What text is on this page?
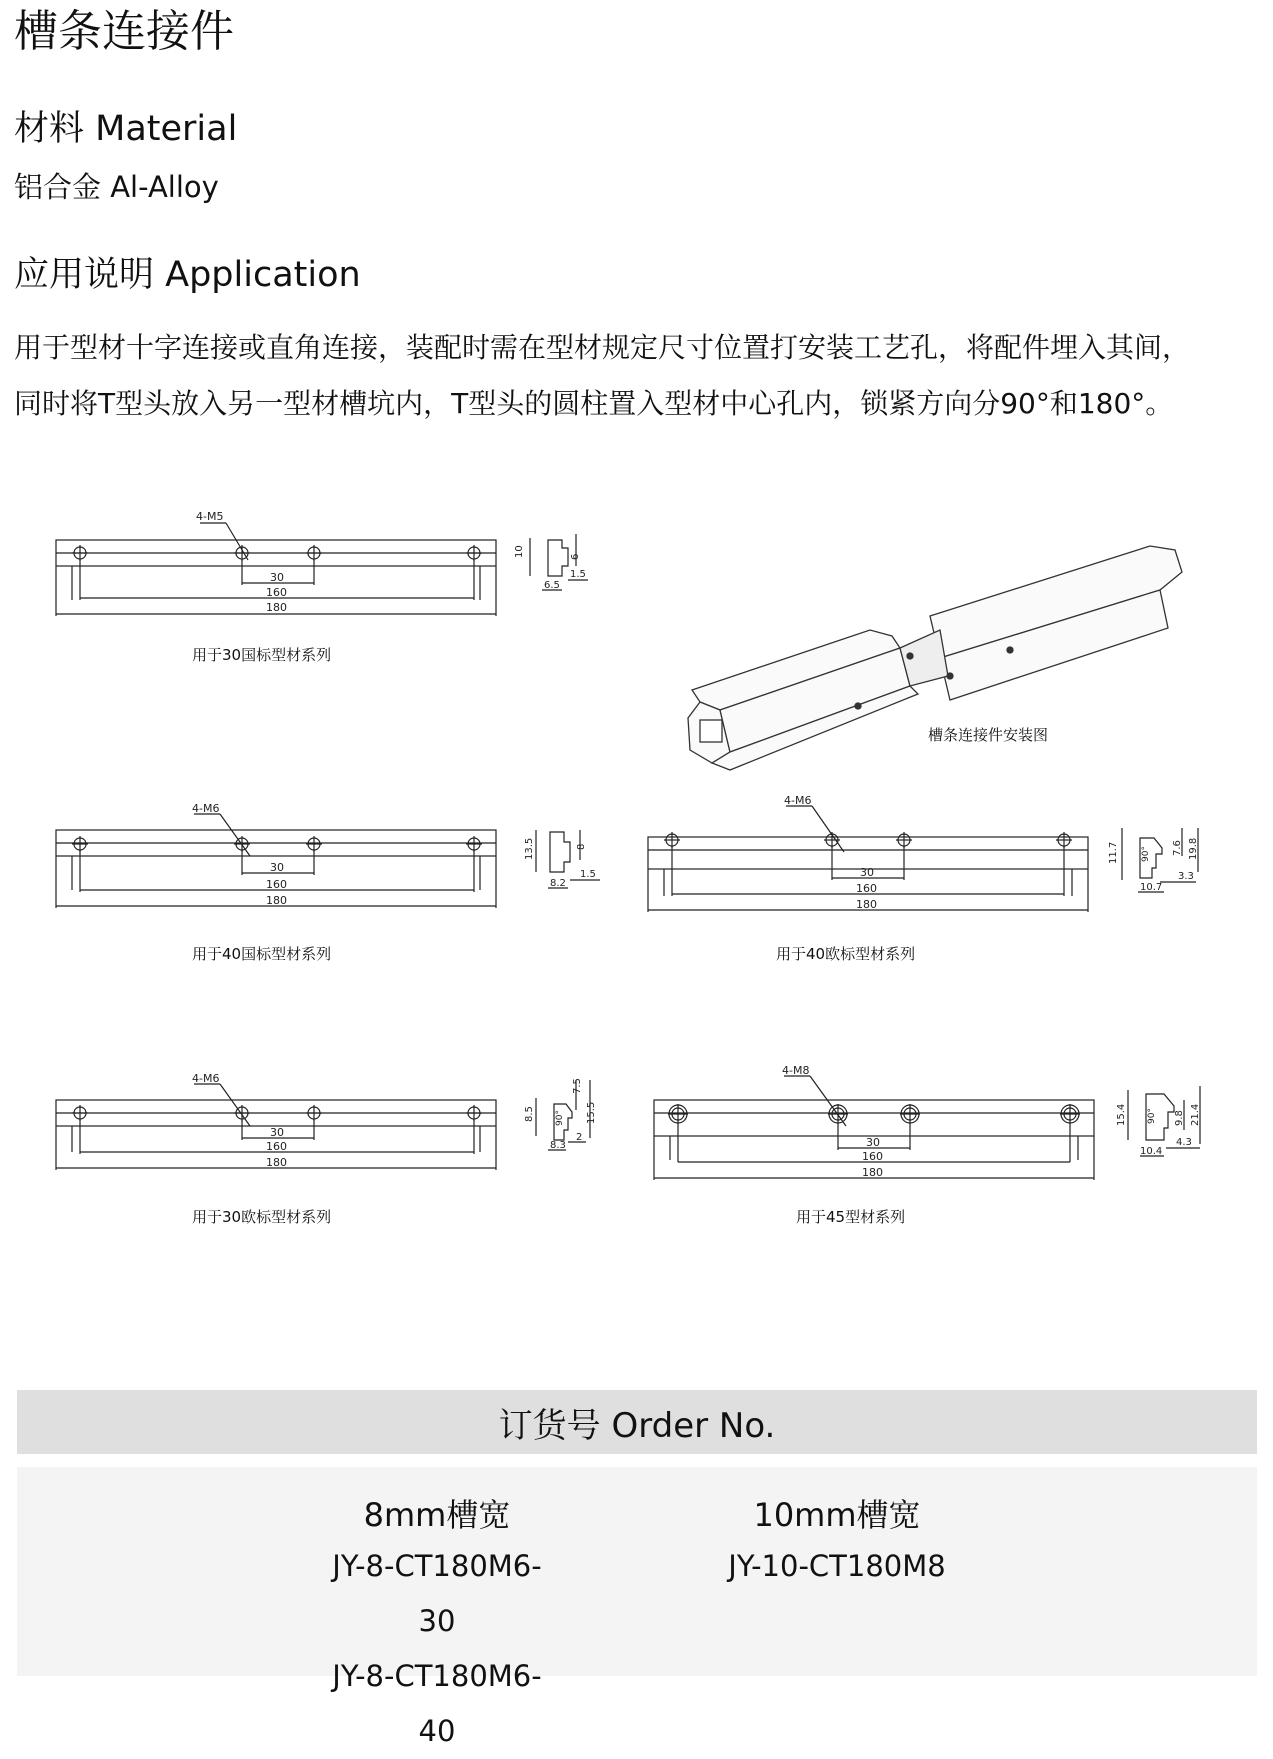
槽条连接件
材料 Material

铝合金 Al-Alloy

应用说明 Application
用于型材十字连接或直角连接，装配时需在型材规定尺寸位置打安装工艺孔，将配件埋入其间，
同时将T型头放入另一型材槽坑内，T型头的圆柱置入型材中心孔内，锁紧方向分90°和180°。
4-M5
30
160
180
用于30国标型材系列
10	6
1.5
6.5
槽条连接件安装图
4-M6
30
160
180
用于40国标型材系列
13.5	8
1.5
8.2
4-M6
30
160
180
用于40欧标型材系列
11.7 90° 7.6 19.8
3.3
10.7
4-M6
30
160
180
用于30欧标型材系列
8.5 90°
7.5
15.5
2
8.3
4-M8
30
160
180
用于45型材系列
15.4 90° 9.8 21.4
4.3
10.4
订货号 Order No.
8mm槽宽
JY-8-CT180M6-30
JY-8-CT180M6-40
10mm槽宽
JY-10-CT180M8
